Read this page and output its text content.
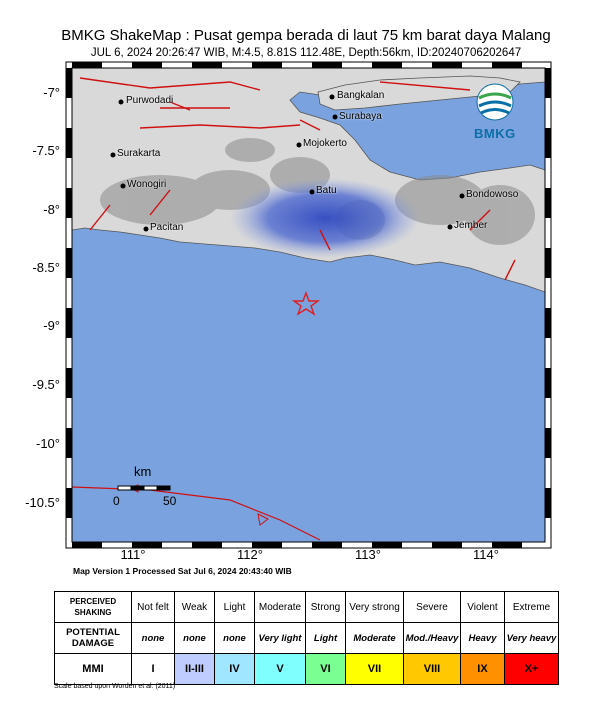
BMKG ShakeMap : Pusat gempa berada di laut 75 km barat daya Malang
JUL 6, 2024 20:26:47 WIB, M:4.5, 8.81S 112.48E, Depth:56km, ID:20240706202647
-7°
-7.5°
-8°
-8.5°
-9°
-9.5°
-10°
-10.5°
111°	112°	113°	114°
Purwodadi	Bangkalan
Surabaya
Surakarta
Mojokerto
Wonogiri
Batu	Bondowoso
Pacitan	Jember
km
0	50
BMKG
Map Version 1 Processed Sat Jul 6, 2024 20:43:40 WIB
PERCEIVED SHAKING	Not felt	Weak	Light	Moderate	Strong	Very strong	Severe	Violent	Extreme
POTENTIAL DAMAGE	none	none	none	Very light	Light	Moderate	Mod./Heavy	Heavy	Very heavy
MMI	I	II-III	IV	V	VI	VII	VIII	IX	X+
Scale based upon Worden et al. (2011)
